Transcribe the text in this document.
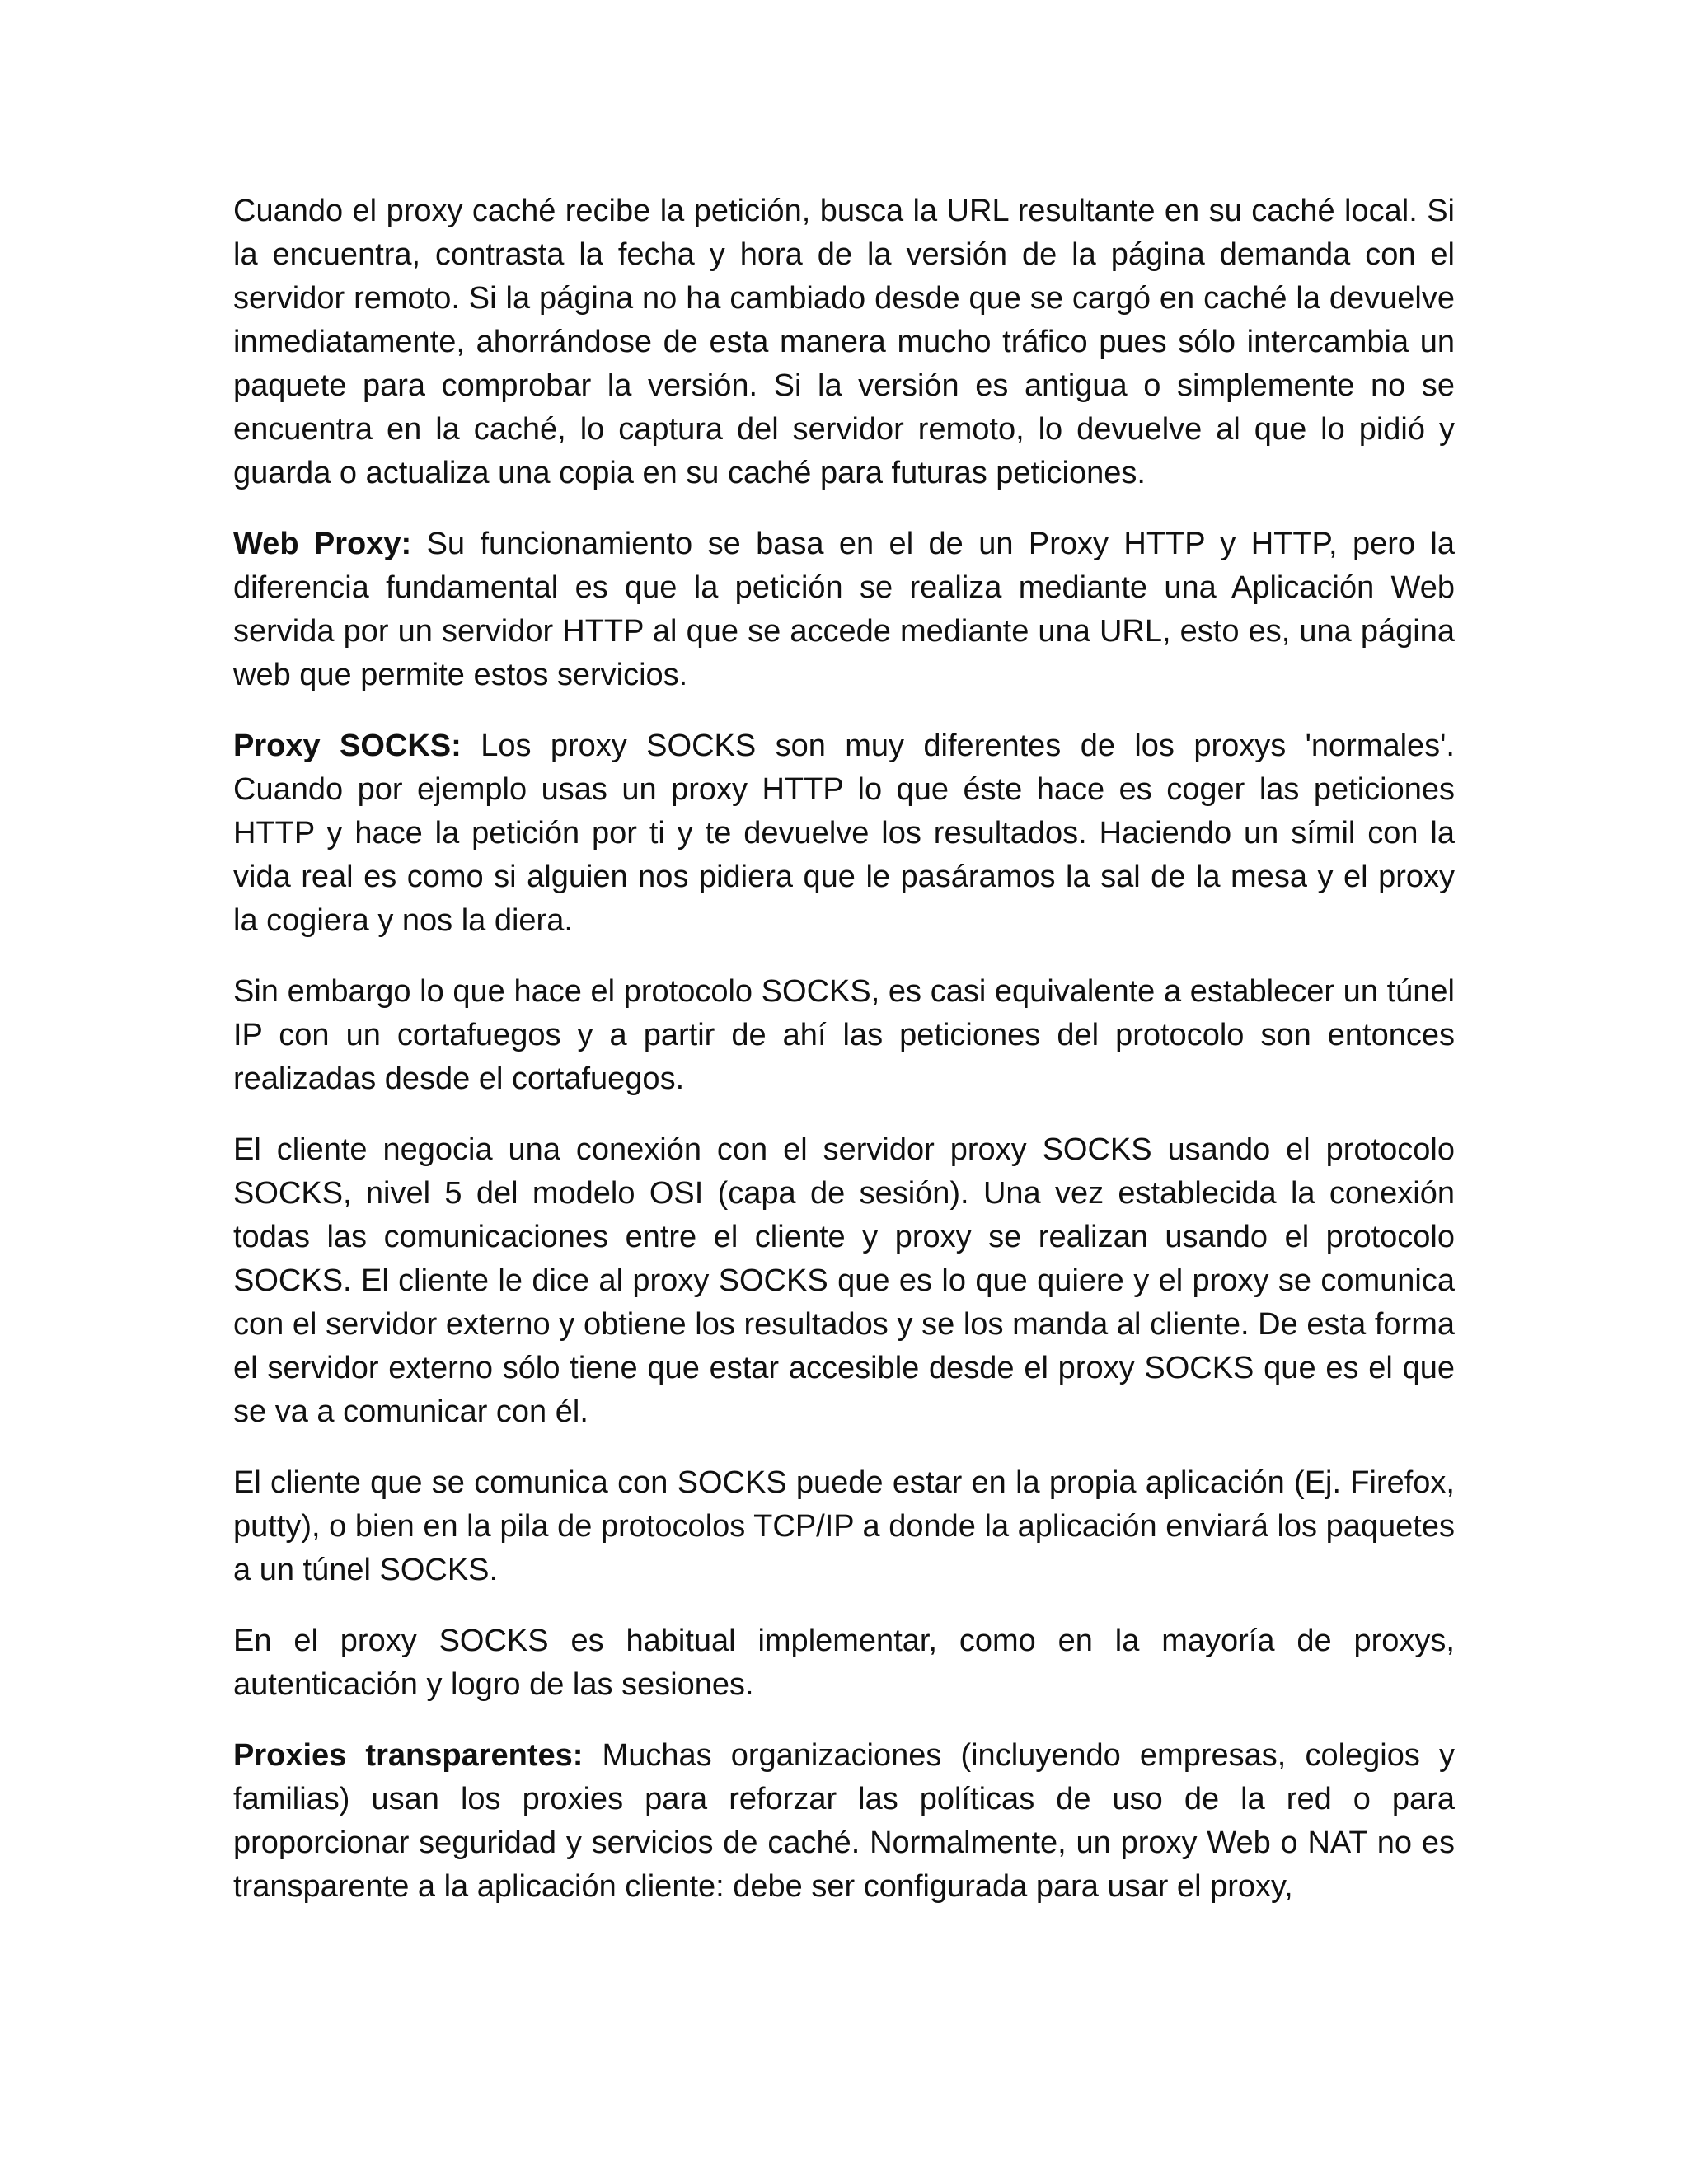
Cuando el proxy caché recibe la petición, busca la URL resultante en su caché local. Si la encuentra, contrasta la fecha y hora de la versión de la página demanda con el servidor remoto. Si la página no ha cambiado desde que se cargó en caché la devuelve inmediatamente, ahorrándose de esta manera mucho tráfico pues sólo intercambia un paquete para comprobar la versión. Si la versión es antigua o simplemente no se encuentra en la caché, lo captura del servidor remoto, lo devuelve al que lo pidió y guarda o actualiza una copia en su caché para futuras peticiones.

Web Proxy: Su funcionamiento se basa en el de un Proxy HTTP y HTTP, pero la diferencia fundamental es que la petición se realiza mediante una Aplicación Web servida por un servidor HTTP al que se accede mediante una URL, esto es, una página web que permite estos servicios.

Proxy SOCKS: Los proxy SOCKS son muy diferentes de los proxys 'normales'. Cuando por ejemplo usas un proxy HTTP lo que éste hace es coger las peticiones HTTP y hace la petición por ti y te devuelve los resultados. Haciendo un símil con la vida real es como si alguien nos pidiera que le pasáramos la sal de la mesa y el proxy la cogiera y nos la diera.

Sin embargo lo que hace el protocolo SOCKS, es casi equivalente a establecer un túnel IP con un cortafuegos y a partir de ahí las peticiones del protocolo son entonces realizadas desde el cortafuegos.

El cliente negocia una conexión con el servidor proxy SOCKS usando el protocolo SOCKS, nivel 5 del modelo OSI (capa de sesión). Una vez establecida la conexión todas las comunicaciones entre el cliente y proxy se realizan usando el protocolo SOCKS. El cliente le dice al proxy SOCKS que es lo que quiere y el proxy se comunica con el servidor externo y obtiene los resultados y se los manda al cliente. De esta forma el servidor externo sólo tiene que estar accesible desde el proxy SOCKS que es el que se va a comunicar con él.

El cliente que se comunica con SOCKS puede estar en la propia aplicación (Ej. Firefox, putty), o bien en la pila de protocolos TCP/IP a donde la aplicación enviará los paquetes a un túnel SOCKS.

En el proxy SOCKS es habitual implementar, como en la mayoría de proxys, autenticación y logro de las sesiones.

Proxies transparentes: Muchas organizaciones (incluyendo empresas, colegios y familias) usan los proxies para reforzar las políticas de uso de la red o para proporcionar seguridad y servicios de caché. Normalmente, un proxy Web o NAT no es transparente a la aplicación cliente: debe ser configurada para usar el proxy,
